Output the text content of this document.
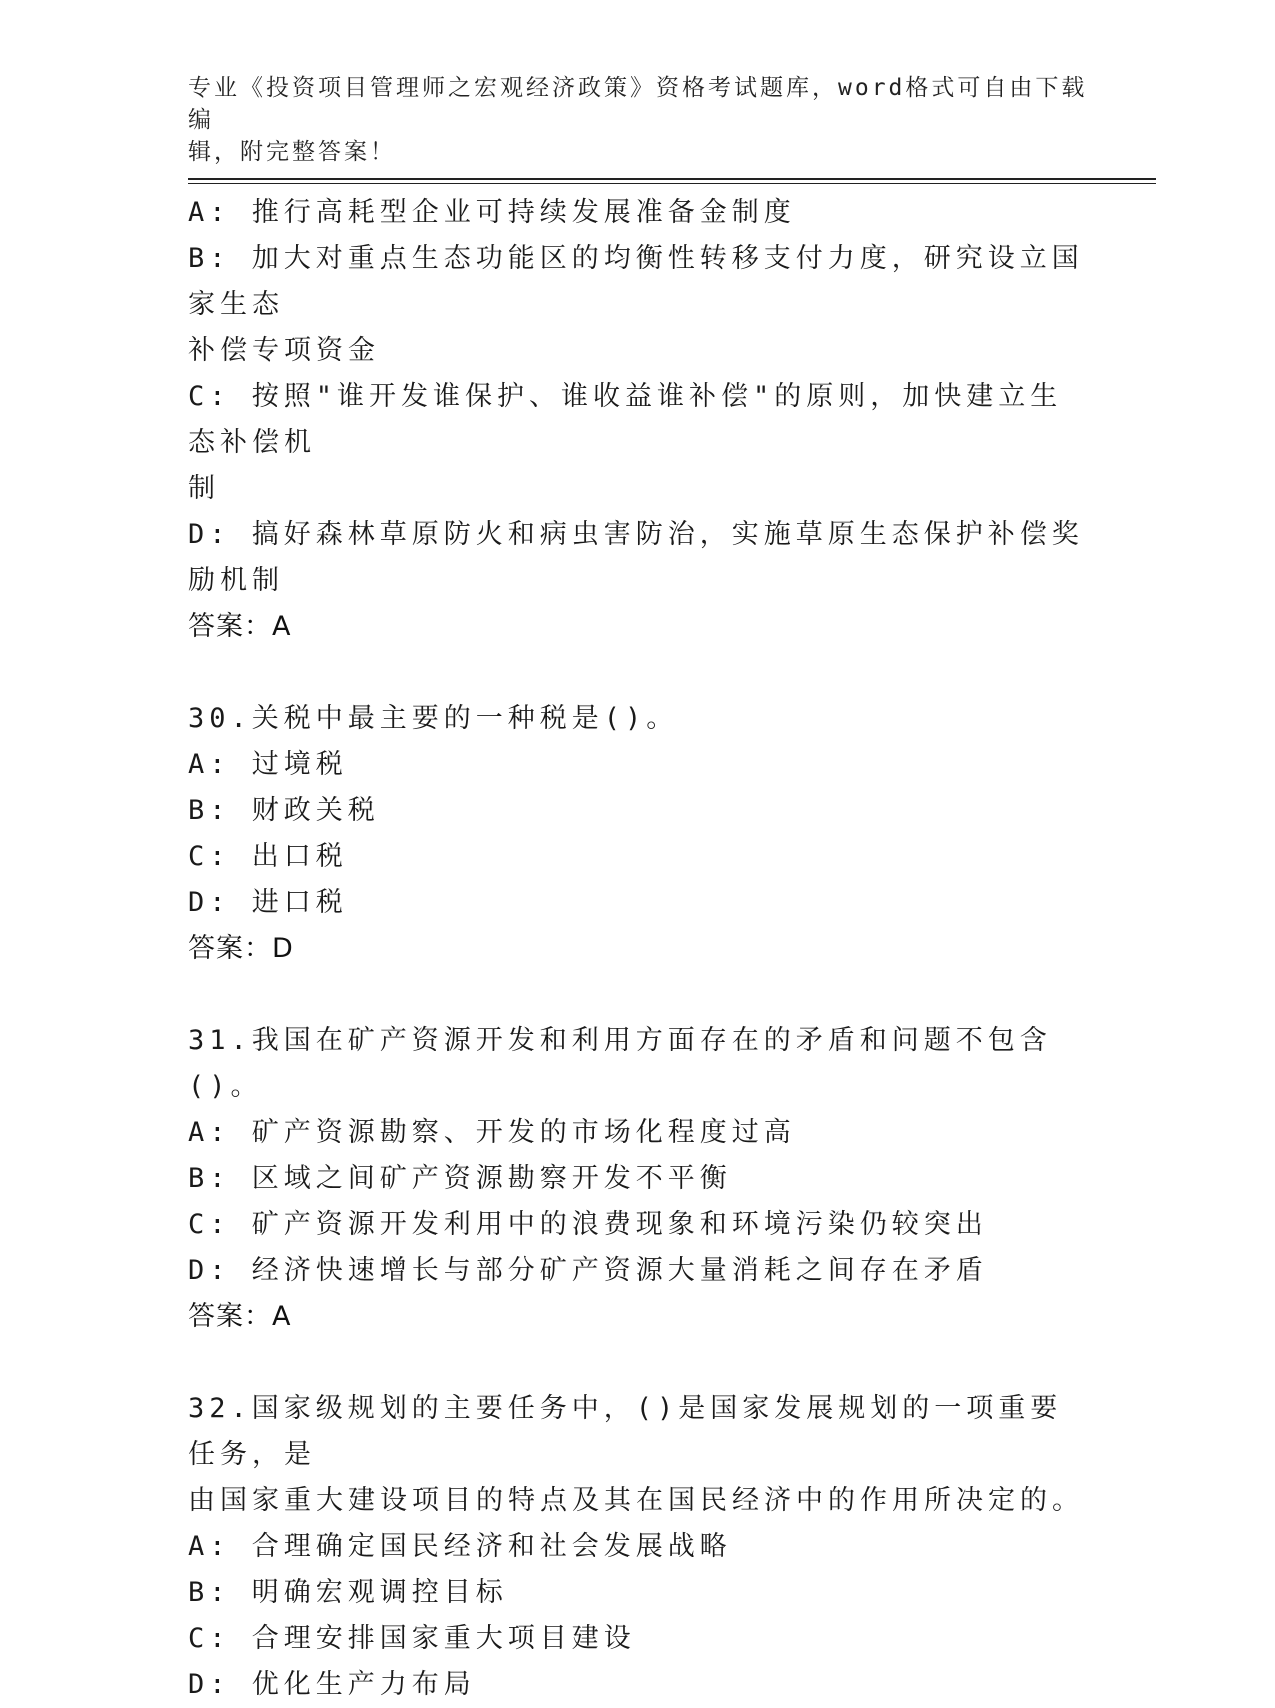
专业《投资项目管理师之宏观经济政策》资格考试题库，word格式可自由下载编
辑，附完整答案！
A: 推行高耗型企业可持续发展准备金制度
B: 加大对重点生态功能区的均衡性转移支付力度，研究设立国家生态
补偿专项资金
C: 按照"谁开发谁保护、谁收益谁补偿"的原则，加快建立生态补偿机
制
D: 搞好森林草原防火和病虫害防治，实施草原生态保护补偿奖励机制
答案：A
30.关税中最主要的一种税是()。
A: 过境税
B: 财政关税
C: 出口税
D: 进口税
答案：D
31.我国在矿产资源开发和利用方面存在的矛盾和问题不包含()。
A: 矿产资源勘察、开发的市场化程度过高
B: 区域之间矿产资源勘察开发不平衡
C: 矿产资源开发利用中的浪费现象和环境污染仍较突出
D: 经济快速增长与部分矿产资源大量消耗之间存在矛盾
答案：A
32.国家级规划的主要任务中，()是国家发展规划的一项重要任务，是
由国家重大建设项目的特点及其在国民经济中的作用所决定的。
A: 合理确定国民经济和社会发展战略
B: 明确宏观调控目标
C: 合理安排国家重大项目建设
D: 优化生产力布局
